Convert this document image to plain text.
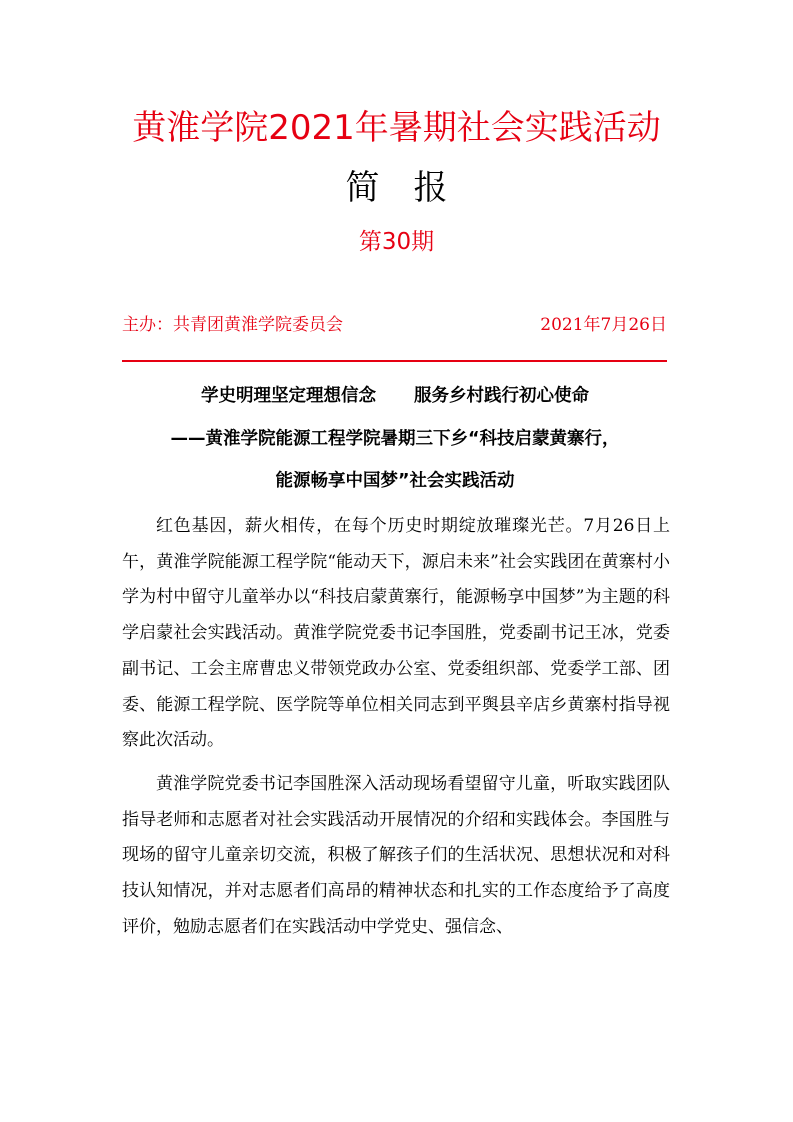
黄淮学院2021年暑期社会实践活动
简　报
第30期
主办：共青团黄淮学院委员会	2021年7月26日
学史明理坚定理想信念 服务乡村践行初心使命
——黄淮学院能源工程学院暑期三下乡“科技启蒙黄寨行，
能源畅享中国梦”社会实践活动

红色基因，薪火相传，在每个历史时期绽放璀璨光芒。7月26日上午，黄淮学院能源工程学院“能动天下，源启未来”社会实践团在黄寨村小学为村中留守儿童举办以“科技启蒙黄寨行，能源畅享中国梦”为主题的科学启蒙社会实践活动。黄淮学院党委书记李国胜，党委副书记王冰，党委副书记、工会主席曹忠义带领党政办公室、党委组织部、党委学工部、团委、能源工程学院、医学院等单位相关同志到平舆县辛店乡黄寨村指导视察此次活动。

黄淮学院党委书记李国胜深入活动现场看望留守儿童，听取实践团队指导老师和志愿者对社会实践活动开展情况的介绍和实践体会。李国胜与现场的留守儿童亲切交流，积极了解孩子们的生活状况、思想状况和对科技认知情况，并对志愿者们高昂的精神状态和扎实的工作态度给予了高度评价，勉励志愿者们在实践活动中学党史、强信念、
